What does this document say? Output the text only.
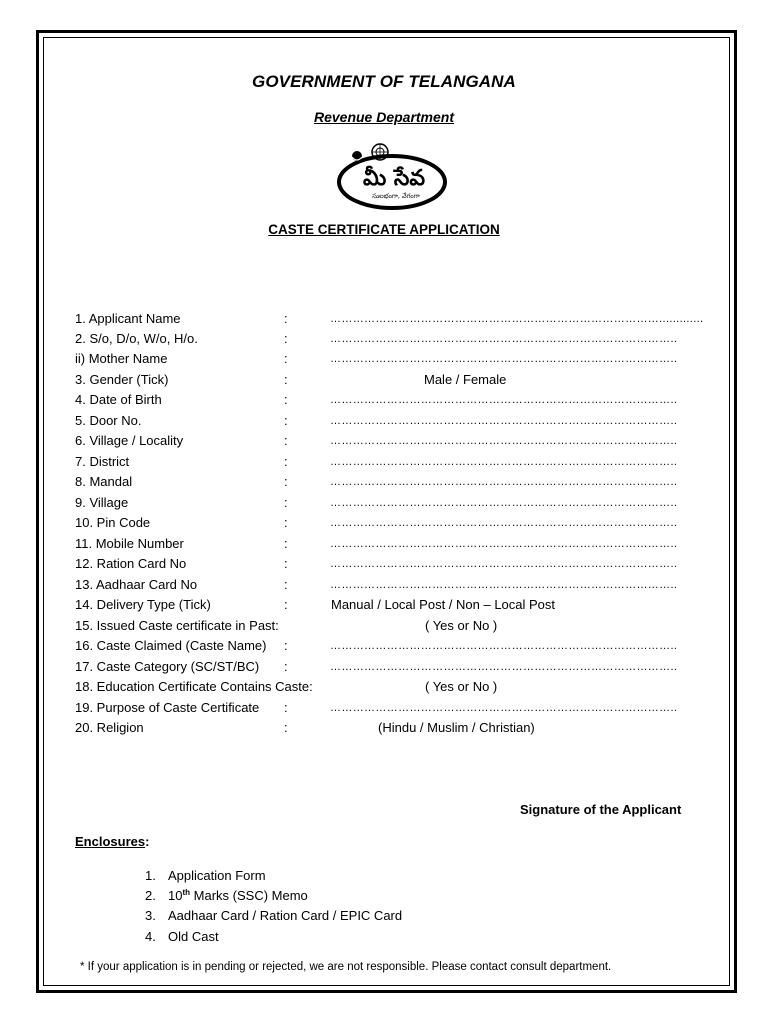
GOVERNMENT OF TELANGANA
Revenue Department
మీ సేవ
సులభంగా, వేగంగా
CASTE CERTIFICATE APPLICATION
1. Applicant Name	:	…………………………………………………………………………….............
2. S/o, D/o, W/o, H/o.	:	………………………………………………………………………………..
ii) Mother Name	:	………………………………………………………………………………..
3. Gender (Tick)	:	Male / Female
4. Date of Birth	:	………………………………………………………………………………..
5. Door No.	:	………………………………………………………………………………..
6. Village / Locality	:	………………………………………………………………………………..
7. District	:	………………………………………………………………………………..
8. Mandal	:	………………………………………………………………………………..
9. Village	:	………………………………………………………………………………..
10. Pin Code	:	………………………………………………………………………………..
11. Mobile Number	:	………………………………………………………………………………..
12. Ration Card No	:	………………………………………………………………………………..
13. Aadhaar Card No	:	………………………………………………………………………………..
14. Delivery Type (Tick)	:	Manual / Local Post / Non – Local Post
15. Issued Caste certificate in Past:	( Yes or No )
16. Caste Claimed (Caste Name) :	………………………………………………………………………………..
17. Caste Category (SC/ST/BC) :	………………………………………………………………………………..
18. Education Certificate Contains Caste:	( Yes or No )
19. Purpose of Caste Certificate :	………………………………………………………………………………..
20. Religion	:	(Hindu / Muslim / Christian)
Signature of the Applicant
Enclosures:
1. Application Form
2. 10th Marks (SSC) Memo
3. Aadhaar Card / Ration Card / EPIC Card
4. Old Cast
* If your application is in pending or rejected, we are not responsible. Please contact consult department.
